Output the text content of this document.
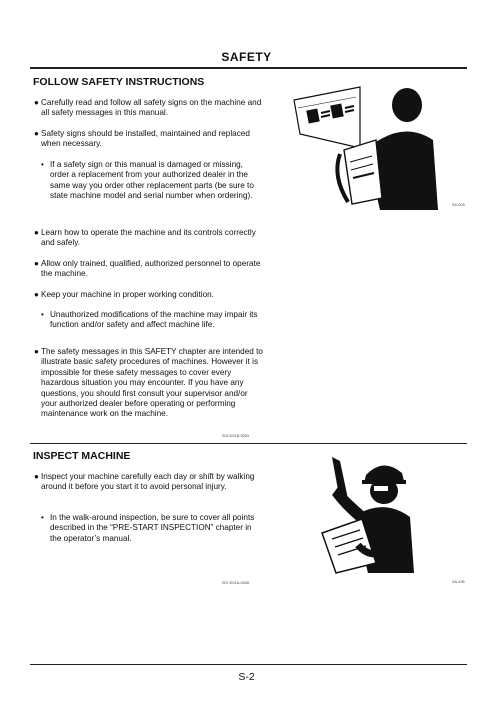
SAFETY
FOLLOW SAFETY INSTRUCTIONS
● Carefully read and follow all safety signs on the machine and all safety messages in this manual.
● Safety signs should be installed, maintained and replaced when necessary.
• If a safety sign or this manual is damaged or missing, order a replacement from your authorized dealer in the same way you order other replacement parts (be sure to state machine model and serial number when ordering).
● Learn how to operate the machine and its controls correctly and safely.
● Allow only trained, qualified, authorized personnel to operate the machine.
● Keep your machine in proper working condition.
• Unauthorized modifications of the machine may impair its function and/or safety and affect machine life.
● The safety messages in this SAFETY chapter are intended to illustrate basic safety procedures of machines. However it is impossible for these safety messages to cover every hazardous situation you may encounter. If you have any questions, you should first consult your supervisor and/or your authorized dealer before operating or performing maintenance work on the machine.
S02-E01B-0003
SA-003
INSPECT MACHINE
● Inspect your machine carefully each day or shift by walking around it before you start it to avoid personal injury.
• In the walk-around inspection, be sure to cover all points described in the “PRE-START INSPECTION” chapter in the operator’s manual.
S07-E01A-0435	SA-435
S-2
